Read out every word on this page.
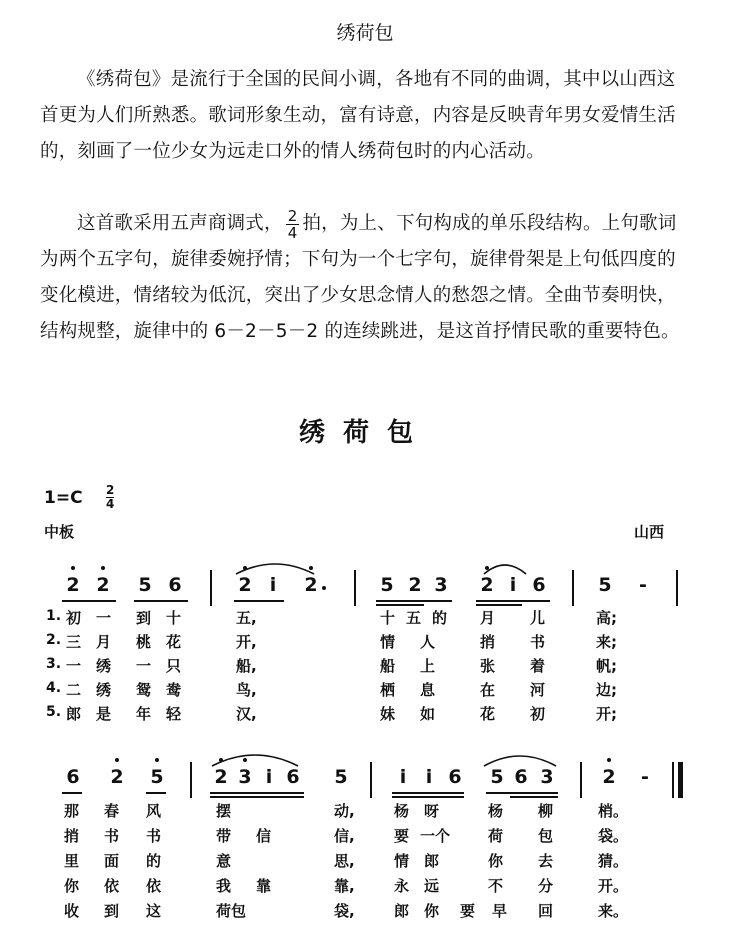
绣荷包

《绣荷包》是流行于全国的民间小调，各地有不同的曲调，其中以山西这首更为人们所熟悉。歌词形象生动，富有诗意，内容是反映青年男女爱情生活的，刻画了一位少女为远走口外的情人绣荷包时的内心活动。

这首歌采用五声商调式， $\frac{2}{4}$ 拍，为上、下句构成的单乐段结构。上句歌词为两个五字句，旋律委婉抒情；下句为一个七字句，旋律骨架是上句低四度的变化模进，情绪较为低沉，突出了少女思念情人的愁怨之情。全曲节奏明快，结构规整，旋律中的 6－2－5－2 的连续跳进，是这首抒情民歌的重要特色。

绣荷包
$1=C \frac{2}{4}$
中板	山西
2 2 5 6	2 i	2	5 2 3 2 i 6	5 -
1.
2.
3.
4.
5.
初 一 到 十	五,	十 五 的 月 儿	高;
三 月 桃 花	开,	情 人	捎 书	来;
一 绣 一 只	船,	船 上	张 着	帆;
二 绣 鸳 鸯	鸟,	栖 息	在 河	边;
郎 是 年 轻	汉,	妹 如	花 初	开;
6 2 5	2 3 i 6 5	i	i 6 5 6 3	2 -
那 春 风	摆	动,	杨 呀	杨 柳	梢。
捎 书 书	带 信	信,	要 一个	荷 包	袋。
里 面 的	意	思,	情 郎	你 去	猜。
你 依 依	我 靠	靠,	永 远	不 分	开。
收 到 这	荷包	袋,	郎 你 要 早 回	来。
